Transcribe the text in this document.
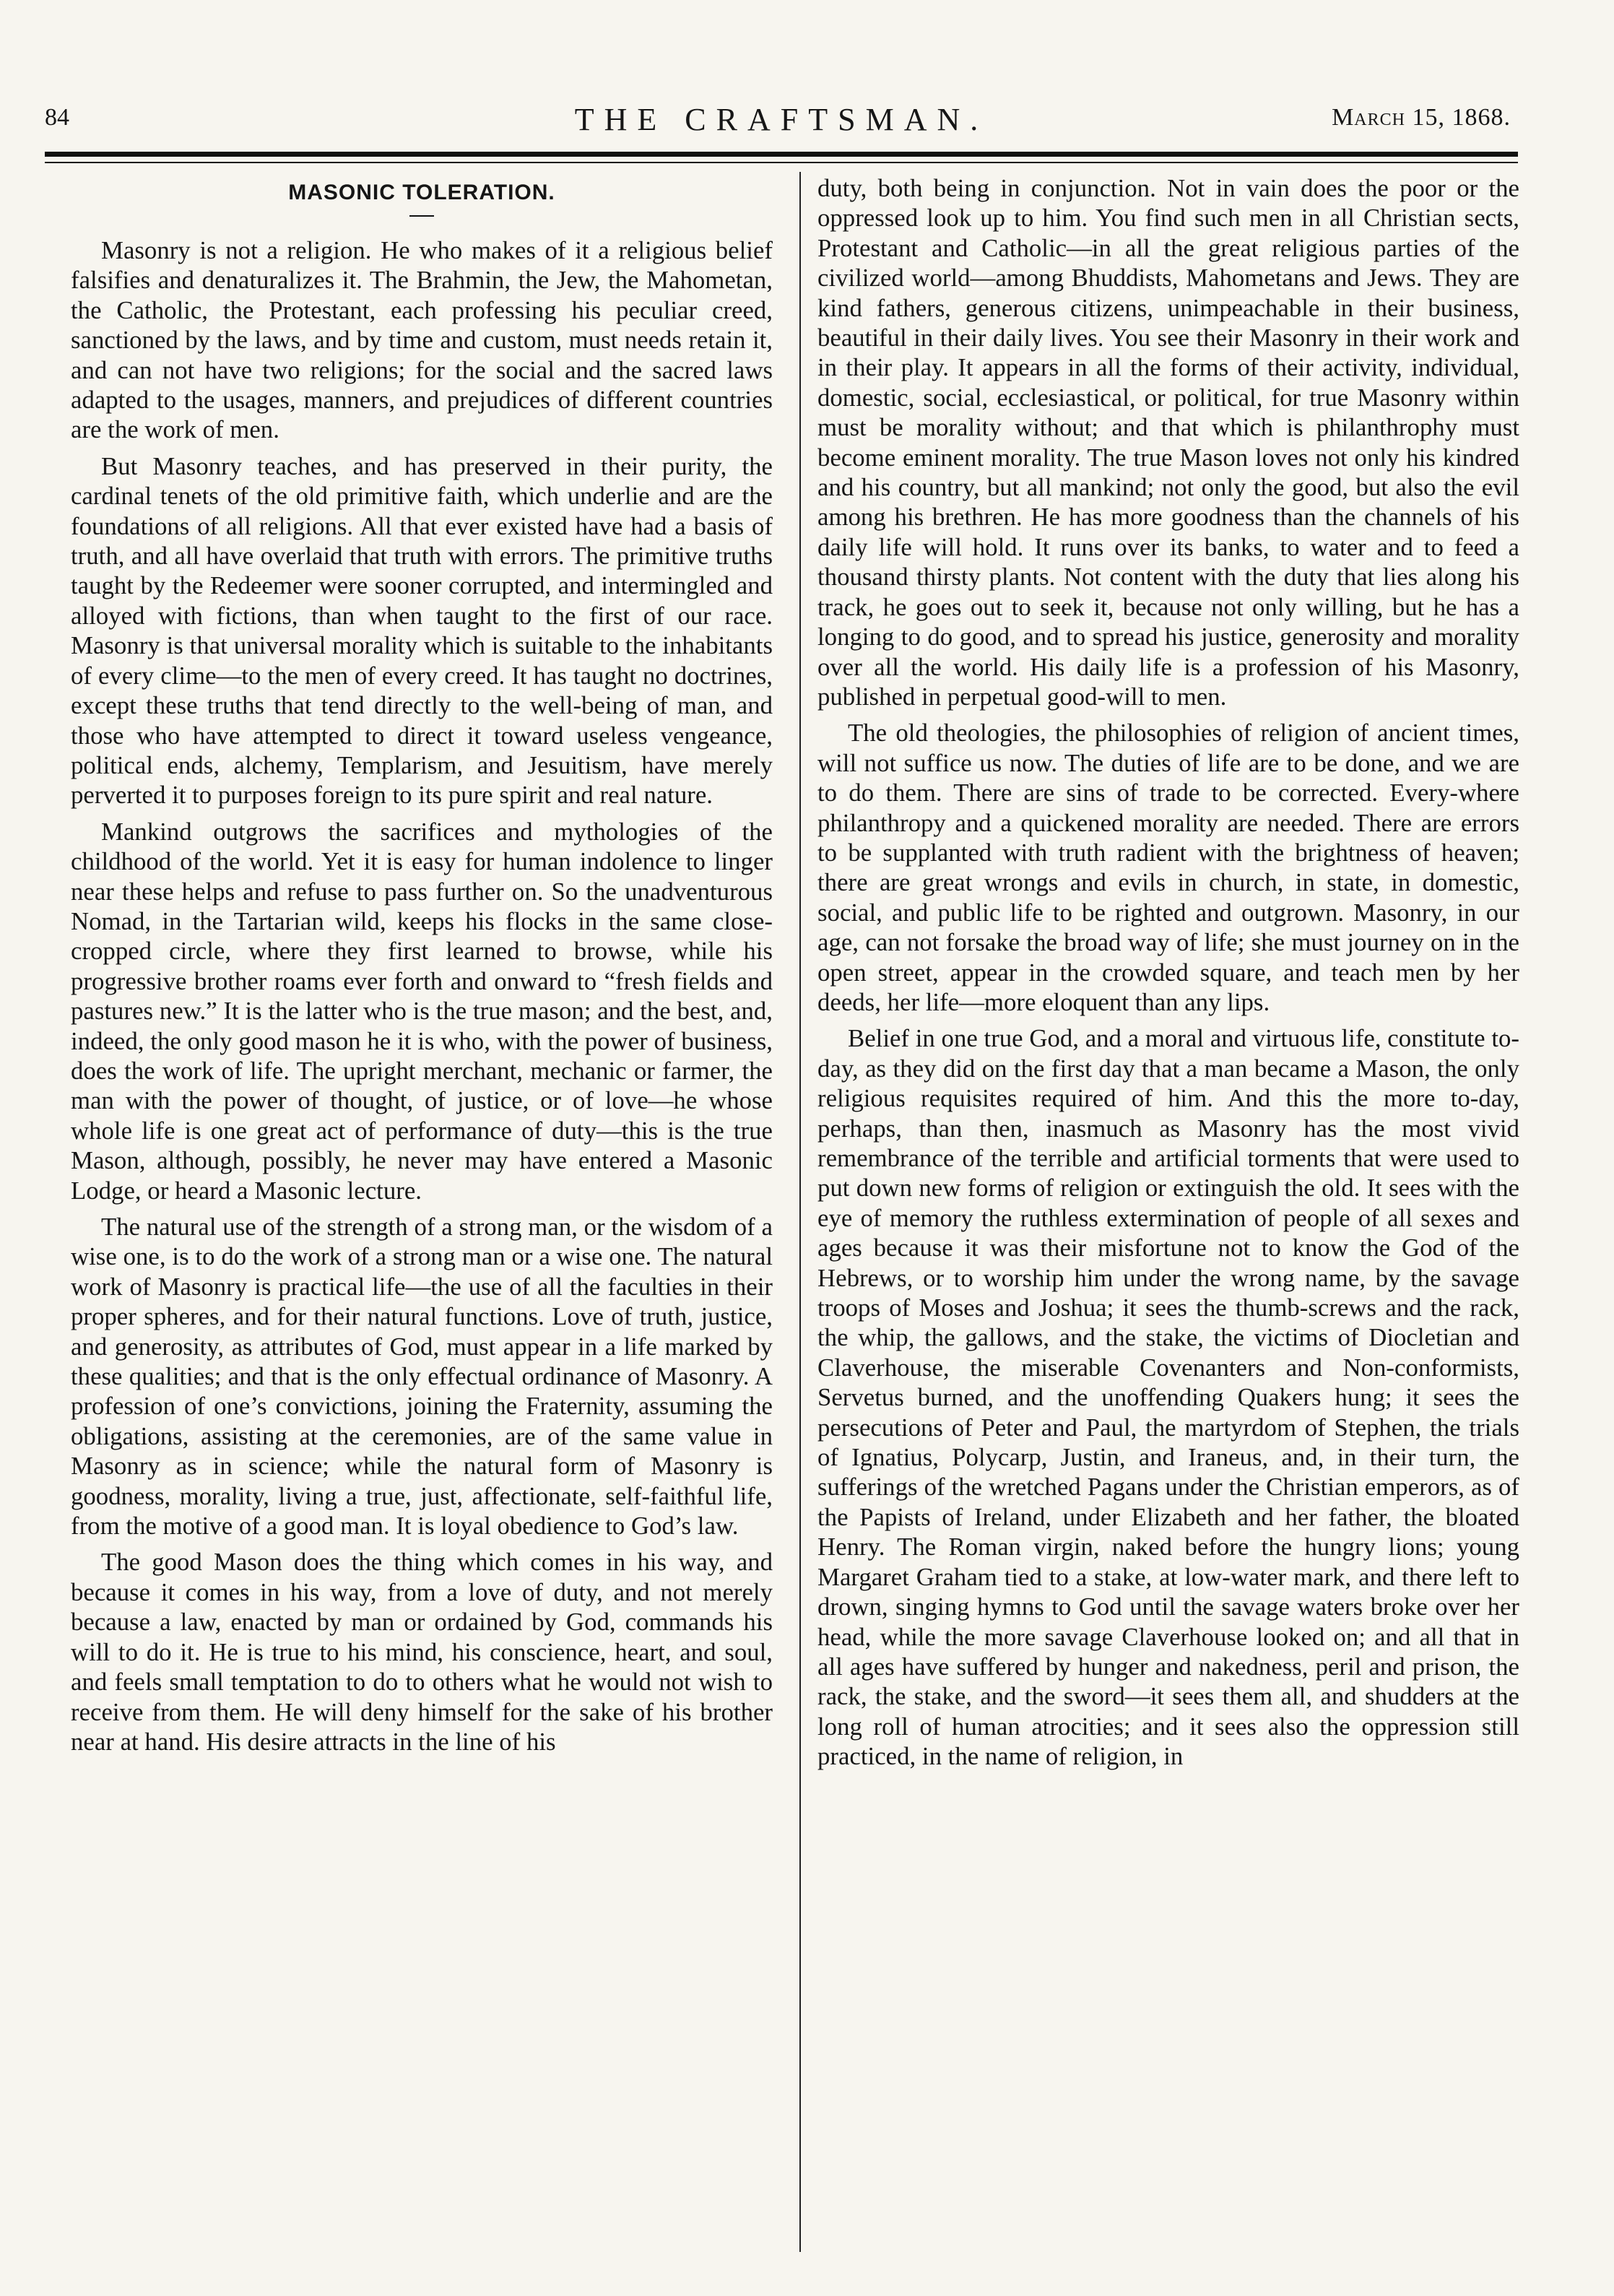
84	THE CRAFTSMAN.	March 15, 1868.
MASONIC TOLERATION.

Masonry is not a religion. He who makes of it a religious belief falsifies and denaturalizes it. The Brahmin, the Jew, the Mahometan, the Catholic, the Protestant, each professing his peculiar creed, sanctioned by the laws, and by time and custom, must needs retain it, and can not have two religions; for the social and the sacred laws adapted to the usages, manners, and prejudices of different countries are the work of men.

But Masonry teaches, and has preserved in their purity, the cardinal tenets of the old primitive faith, which underlie and are the foundations of all religions. All that ever existed have had a basis of truth, and all have overlaid that truth with errors. The primitive truths taught by the Redeemer were sooner corrupted, and intermingled and alloyed with fictions, than when taught to the first of our race. Masonry is that universal morality which is suitable to the inhabitants of every clime—to the men of every creed. It has taught no doctrines, except these truths that tend directly to the well-being of man, and those who have attempted to direct it toward useless vengeance, political ends, alchemy, Templarism, and Jesuitism, have merely perverted it to purposes foreign to its pure spirit and real nature.

Mankind outgrows the sacrifices and mythologies of the childhood of the world. Yet it is easy for human indolence to linger near these helps and refuse to pass further on. So the unadventurous Nomad, in the Tartarian wild, keeps his flocks in the same close-cropped circle, where they first learned to browse, while his progressive brother roams ever forth and onward to “fresh fields and pastures new.” It is the latter who is the true mason; and the best, and, indeed, the only good mason he it is who, with the power of business, does the work of life. The upright merchant, mechanic or farmer, the man with the power of thought, of justice, or of love—he whose whole life is one great act of performance of duty—this is the true Mason, although, possibly, he never may have entered a Masonic Lodge, or heard a Masonic lecture.

The natural use of the strength of a strong man, or the wisdom of a wise one, is to do the work of a strong man or a wise one. The natural work of Masonry is practical life—the use of all the faculties in their proper spheres, and for their natural functions. Love of truth, justice, and generosity, as attributes of God, must appear in a life marked by these qualities; and that is the only effectual ordinance of Masonry. A profession of one’s convictions, joining the Fraternity, assuming the obligations, assisting at the ceremonies, are of the same value in Masonry as in science; while the natural form of Masonry is goodness, morality, living a true, just, affectionate, self-faithful life, from the motive of a good man. It is loyal obedience to God’s law.

The good Mason does the thing which comes in his way, and because it comes in his way, from a love of duty, and not merely because a law, enacted by man or ordained by God, commands his will to do it. He is true to his mind, his conscience, heart, and soul, and feels small temptation to do to others what he would not wish to receive from them. He will deny himself for the sake of his brother near at hand. His desire attracts in the line of his

duty, both being in conjunction. Not in vain does the poor or the oppressed look up to him. You find such men in all Christian sects, Protestant and Catholic—in all the great religious parties of the civilized world—among Bhuddists, Mahometans and Jews. They are kind fathers, generous citizens, unimpeachable in their business, beautiful in their daily lives. You see their Masonry in their work and in their play. It appears in all the forms of their activity, individual, domestic, social, ecclesiastical, or political, for true Masonry within must be morality without; and that which is philanthrophy must become eminent morality. The true Mason loves not only his kindred and his country, but all mankind; not only the good, but also the evil among his brethren. He has more goodness than the channels of his daily life will hold. It runs over its banks, to water and to feed a thousand thirsty plants. Not content with the duty that lies along his track, he goes out to seek it, because not only willing, but he has a longing to do good, and to spread his justice, generosity and morality over all the world. His daily life is a profession of his Masonry, published in perpetual good-will to men.

The old theologies, the philosophies of religion of ancient times, will not suffice us now. The duties of life are to be done, and we are to do them. There are sins of trade to be corrected. Every-where philanthropy and a quickened morality are needed. There are errors to be supplanted with truth radient with the brightness of heaven; there are great wrongs and evils in church, in state, in domestic, social, and public life to be righted and outgrown. Masonry, in our age, can not forsake the broad way of life; she must journey on in the open street, appear in the crowded square, and teach men by her deeds, her life—more eloquent than any lips.

Belief in one true God, and a moral and virtuous life, constitute to-day, as they did on the first day that a man became a Mason, the only religious requisites required of him. And this the more to-day, perhaps, than then, inasmuch as Masonry has the most vivid remembrance of the terrible and artificial torments that were used to put down new forms of religion or extinguish the old. It sees with the eye of memory the ruthless extermination of people of all sexes and ages because it was their misfortune not to know the God of the Hebrews, or to worship him under the wrong name, by the savage troops of Moses and Joshua; it sees the thumb-screws and the rack, the whip, the gallows, and the stake, the victims of Diocletian and Claverhouse, the miserable Covenanters and Non-conformists, Servetus burned, and the unoffending Quakers hung; it sees the persecutions of Peter and Paul, the martyrdom of Stephen, the trials of Ignatius, Polycarp, Justin, and Iraneus, and, in their turn, the sufferings of the wretched Pagans under the Christian emperors, as of the Papists of Ireland, under Elizabeth and her father, the bloated Henry. The Roman virgin, naked before the hungry lions; young Margaret Graham tied to a stake, at low-water mark, and there left to drown, singing hymns to God until the savage waters broke over her head, while the more savage Claverhouse looked on; and all that in all ages have suffered by hunger and nakedness, peril and prison, the rack, the stake, and the sword—it sees them all, and shudders at the long roll of human atrocities; and it sees also the oppression still practiced, in the name of religion, in
